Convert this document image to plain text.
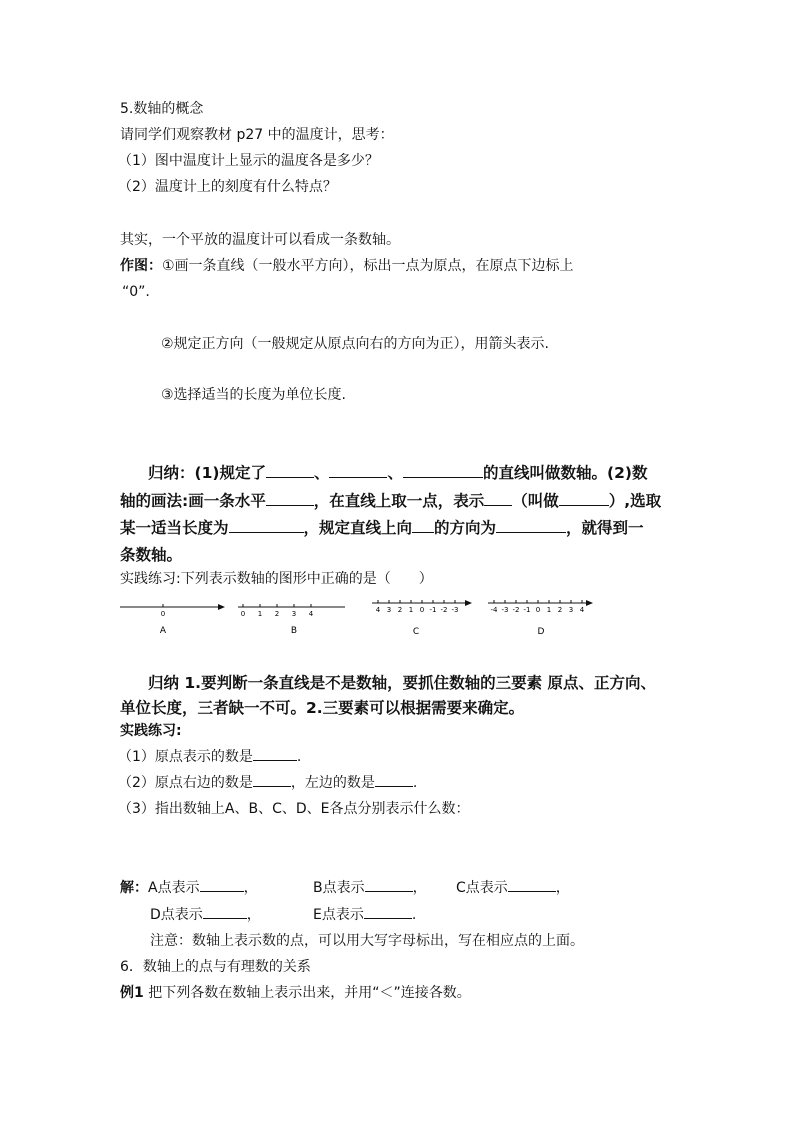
5.数轴的概念
请同学们观察教材 p27 中的温度计，思考：
（1）图中温度计上显示的温度各是多少？
（2）温度计上的刻度有什么特点？
其实，一个平放的温度计可以看成一条数轴。
作图：①画一条直线（一般水平方向），标出一点为原点，在原点下边标上
“0”.
②规定正方向（一般规定从原点向右的方向为正），用箭头表示.
③选择适当的长度为单位长度.
归纳：(1)规定了	、	、	的直线叫做数轴。(2)数
轴的画法:画一条水平	，在直线上取一点，表示 （叫做	）,选取
某一适当长度为	，规定直线上向 的方向为	，就得到一
条数轴。
实践练习:下列表示数轴的图形中正确的是（　　）
0
A
0 1 2 3 4
B
4 3 2 1 0 -1 -2 -3
C
-4 -3 -2 -1 0 1 2 3 4
D
归纳 1.要判断一条直线是不是数轴，要抓住数轴的三要素 原点、正方向、
单位长度，三者缺一不可。2.三要素可以根据需要来确定。
实践练习:
（1）原点表示的数是	.
（2）原点右边的数是	，左边的数是	.
（3）指出数轴上A、B、C、D、E各点分别表示什么数：
解：A点表示	，	B点表示	， C点表示	，
D点表示	，	E点表示	.
注意：数轴上表示数的点，可以用大写字母标出，写在相应点的上面。
6．数轴上的点与有理数的关系
例1 把下列各数在数轴上表示出来，并用“＜”连接各数。
